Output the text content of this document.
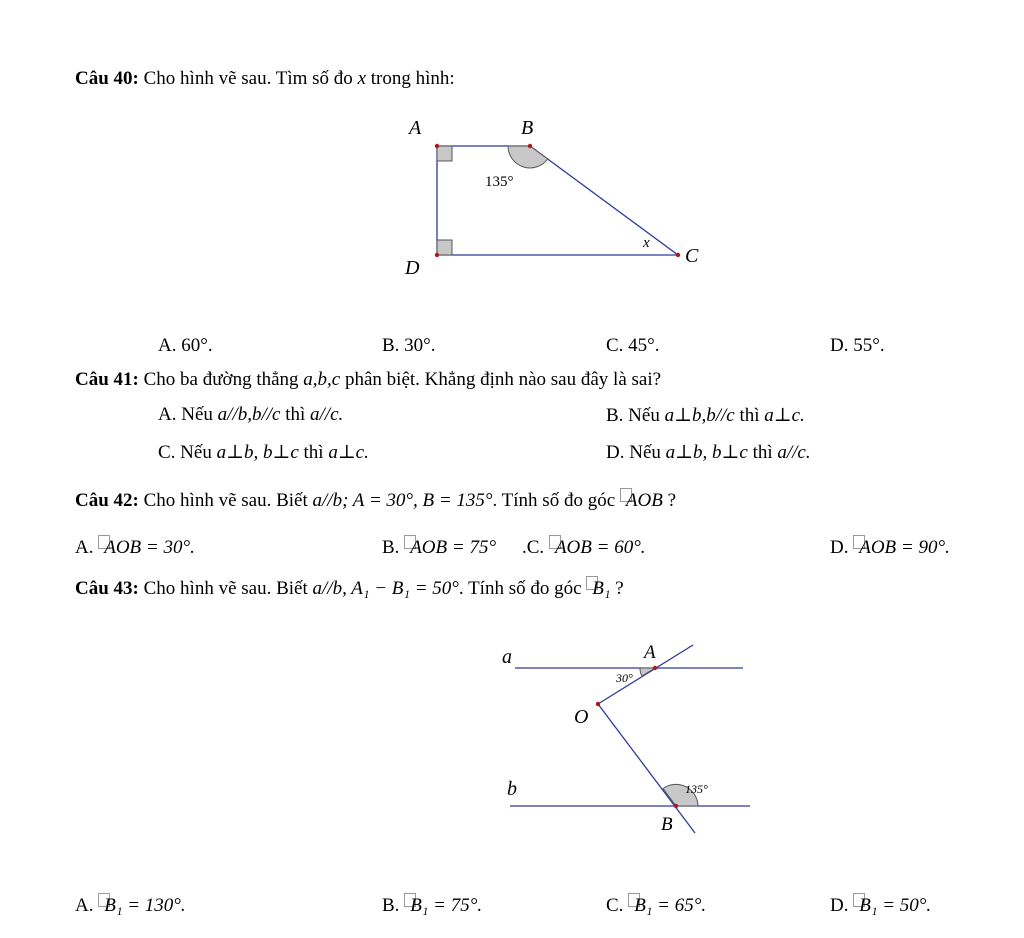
Câu 40: Cho hình vẽ sau. Tìm số đo x trong hình:
A	B
D
C
135°
x
A. 60°.	B. 30°.	C. 45°.	D. 55°.
Câu 41: Cho ba đường thẳng a,b,c phân biệt. Khẳng định nào sau đây là sai?
A. Nếu a//b,b//c thì a//c.	B. Nếu a⊥b,b//c thì a⊥c.
C. Nếu a⊥b, b⊥c thì a⊥c.	D. Nếu a⊥b, b⊥c thì a//c.
Câu 42: Cho hình vẽ sau. Biết a//b; A = 30°, B = 135°. Tính số đo góc AOB ?
A. AOB = 30°.	B. AOB = 75° .C. AOB = 60°.	D. AOB = 90°.
Câu 43: Cho hình vẽ sau. Biết a//b, A₁ − B₁ = 50°. Tính số đo góc B₁ ?
a
b
A
O
B
30°
135°
A. B₁ = 130°.	B. B₁ = 75°.	C. B₁ = 65°.	D. B₁ = 50°.
